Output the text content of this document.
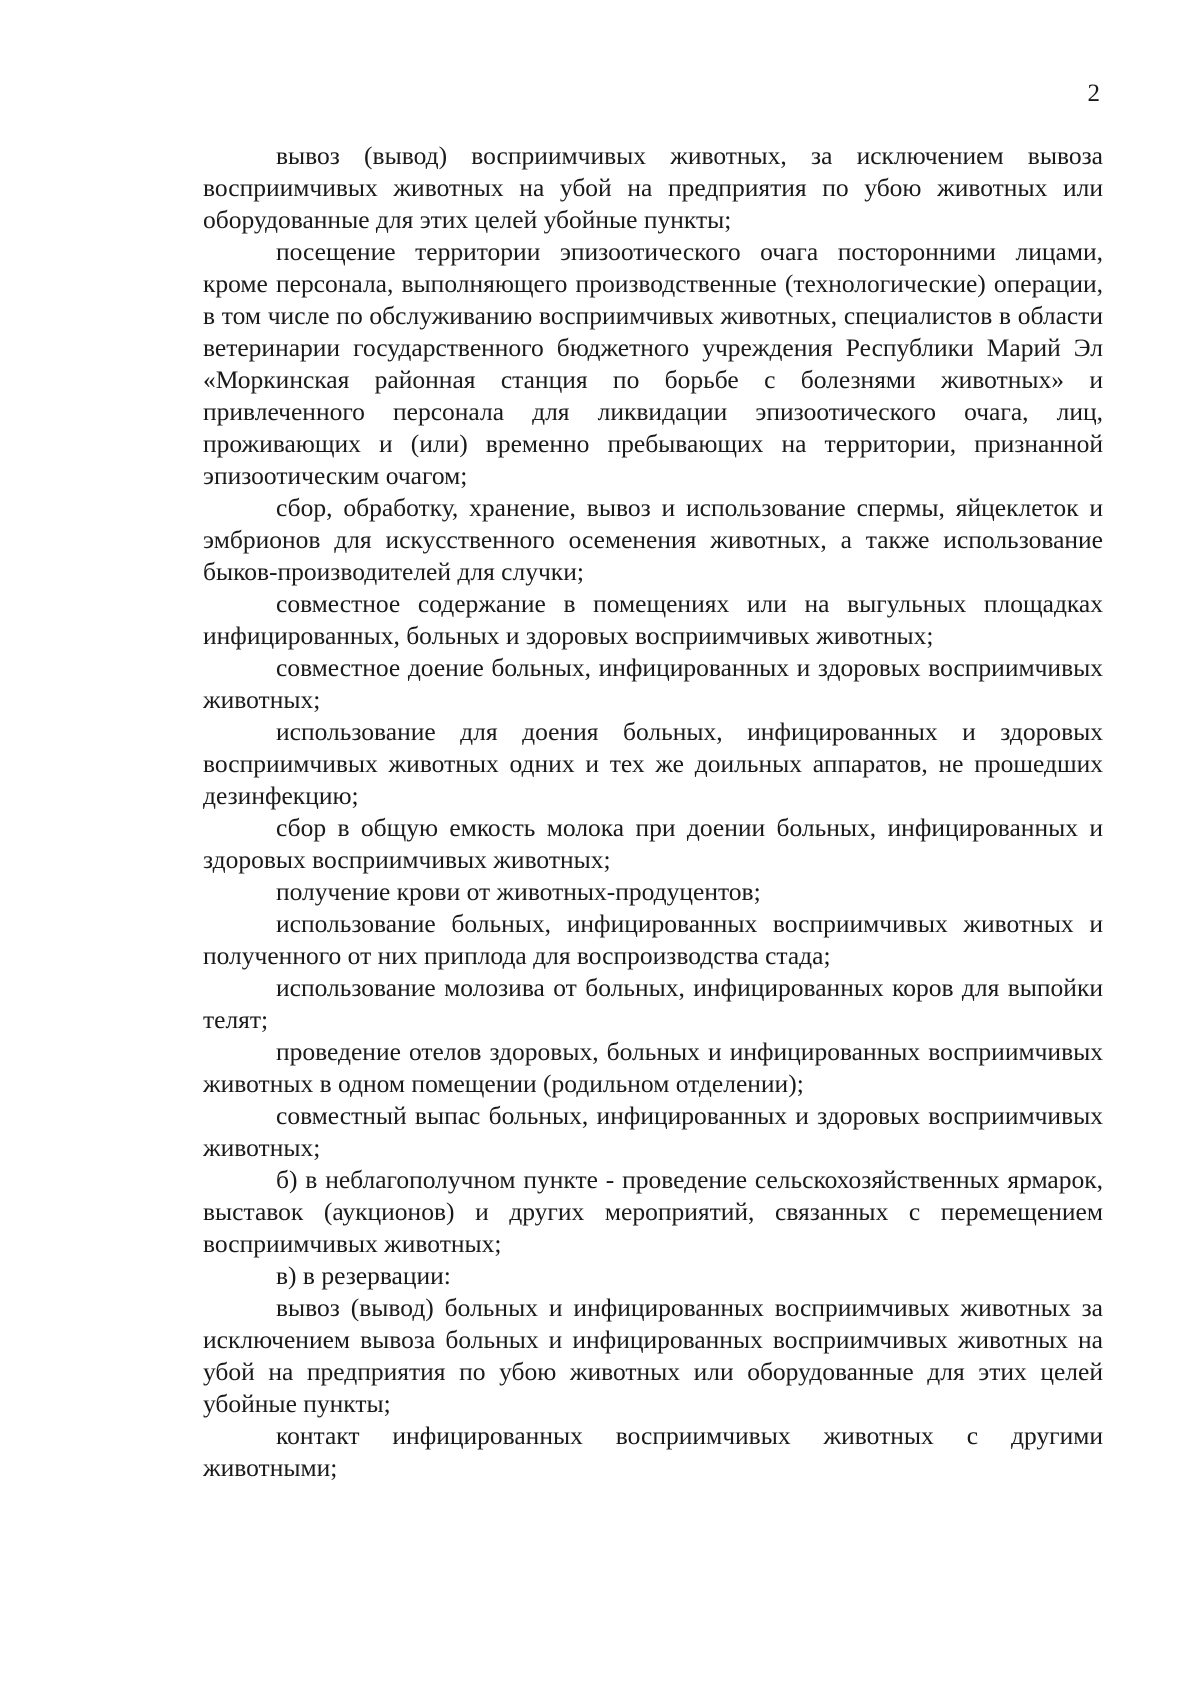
2

вывоз (вывод) восприимчивых животных, за исключением вывоза восприимчивых животных на убой на предприятия по убою животных или оборудованные для этих целей убойные пункты;

посещение территории эпизоотического очага посторонними лицами, кроме персонала, выполняющего производственные (технологические) операции, в том числе по обслуживанию восприимчивых животных, специалистов в области ветеринарии государственного бюджетного учреждения Республики Марий Эл «Моркинская районная станция по борьбе с болезнями животных» и привлеченного персонала для ликвидации эпизоотического очага, лиц, проживающих и (или) временно пребывающих на территории, признанной эпизоотическим очагом;

сбор, обработку, хранение, вывоз и использование спермы, яйцеклеток и эмбрионов для искусственного осеменения животных, а также использование быков-производителей для случки;

совместное содержание в помещениях или на выгульных площадках инфицированных, больных и здоровых восприимчивых животных;

совместное доение больных, инфицированных и здоровых восприимчивых животных;

использование для доения больных, инфицированных и здоровых восприимчивых животных одних и тех же доильных аппаратов, не прошедших дезинфекцию;

сбор в общую емкость молока при доении больных, инфицированных и здоровых восприимчивых животных;

получение крови от животных-продуцентов;

использование больных, инфицированных восприимчивых животных и полученного от них приплода для воспроизводства стада;

использование молозива от больных, инфицированных коров для выпойки телят;

проведение отелов здоровых, больных и инфицированных восприимчивых животных в одном помещении (родильном отделении);

совместный выпас больных, инфицированных и здоровых восприимчивых животных;

б) в неблагополучном пункте - проведение сельскохозяйственных ярмарок, выставок (аукционов) и других мероприятий, связанных с перемещением восприимчивых животных;

в) в резервации:

вывоз (вывод) больных и инфицированных восприимчивых животных за исключением вывоза больных и инфицированных восприимчивых животных на убой на предприятия по убою животных или оборудованные для этих целей убойные пункты;

контакт инфицированных восприимчивых животных с другими животными;
